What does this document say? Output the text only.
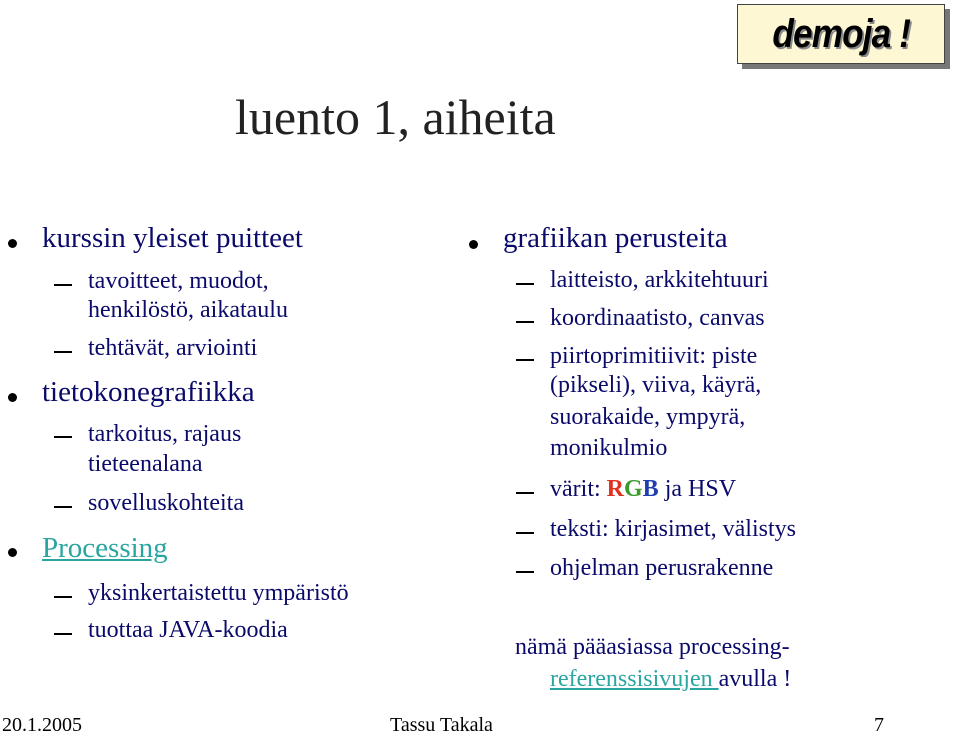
demoja !
luento 1, aiheita
kurssin yleiset puitteet
tavoitteet, muodot,
henkilöstö, aikataulu
tehtävät, arviointi
tietokonegrafiikka
tarkoitus, rajaus
tieteenalana
sovelluskohteita
Processing
yksinkertaistettu ympäristö
tuottaa JAVA-koodia
grafiikan perusteita
laitteisto, arkkitehtuuri
koordinaatisto, canvas
piirtoprimitiivit: piste
(pikseli), viiva, käyrä,
suorakaide, ympyrä,
monikulmio
värit: RGB ja HSV
teksti: kirjasimet, välistys
ohjelman perusrakenne
nämä pääasiassa processing-
referenssisivujen avulla !
20.1.2005	Tassu Takala	7
